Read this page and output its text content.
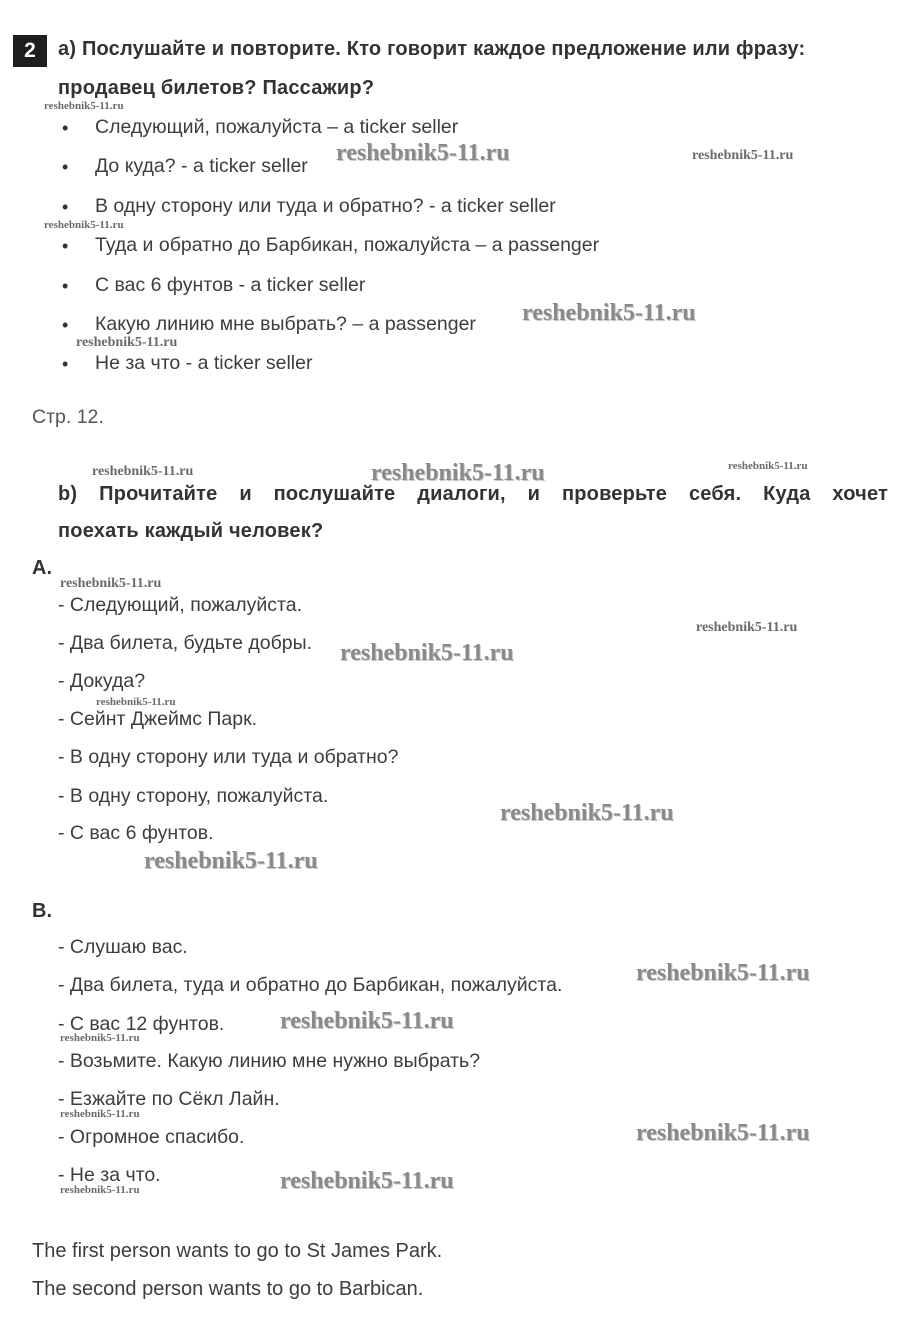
2	а) Послушайте и повторите. Кто говорит каждое предложение или фразу:
продавец билетов? Пассажир?
• Следующий, пожалуйста – a ticker seller
• До куда? - a ticker seller
• В одну сторону или туда и обратно? - a ticker seller
• Туда и обратно до Барбикан, пожалуйста – a passenger
• С вас 6 фунтов - a ticker seller
• Какую линию мне выбрать? – a passenger
• Не за что - a ticker seller
Стр. 12.
b) Прочитайте и послушайте диалоги, и проверьте себя. Куда хочет
поехать каждый человек?
A.
- Следующий, пожалуйста.
- Два билета, будьте добры.
- Докуда?
- Сейнт Джеймс Парк.
- В одну сторону или туда и обратно?
- В одну сторону, пожалуйста.
- С вас 6 фунтов.
B.
- Слушаю вас.
- Два билета, туда и обратно до Барбикан, пожалуйста.
- С вас 12 фунтов.
- Возьмите. Какую линию мне нужно выбрать?
- Езжайте по Сёкл Лайн.
- Огромное спасибо.
- Не за что.
The first person wants to go to St James Park.
The second person wants to go to Barbican.
reshebnik5-11.ru
reshebnik5-11.ru	reshebnik5-11.ru
reshebnik5-11.ru
reshebnik5-11.ru
reshebnik5-11.ru
reshebnik5-11.ru	reshebnik5-11.ru	reshebnik5-11.ru
reshebnik5-11.ru
reshebnik5-11.ru
reshebnik5-11.ru
reshebnik5-11.ru
reshebnik5-11.ru
reshebnik5-11.ru
reshebnik5-11.ru
reshebnik5-11.ru
reshebnik5-11.ru
reshebnik5-11.ru
reshebnik5-11.ru
reshebnik5-11.ru
reshebnik5-11.ru
